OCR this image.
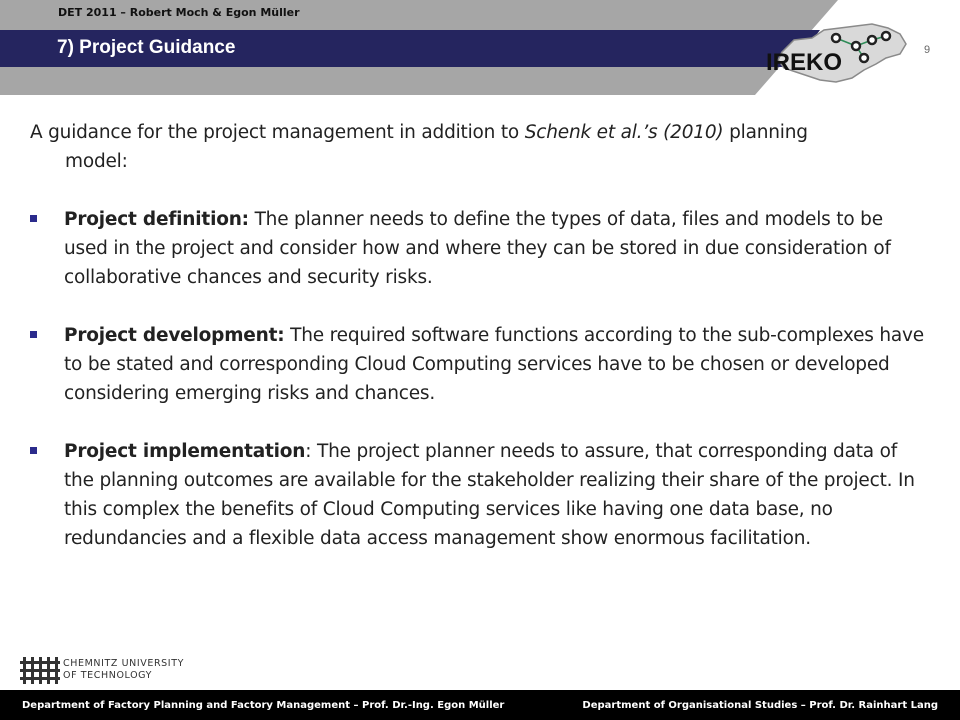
DET 2011 – Robert Moch & Egon Müller
7) Project Guidance	9
IREKO
A guidance for the project management in addition to Schenk et al.’s (2010) planning
model:
Project definition: The planner needs to define the types of data, files and models to be used in the project and consider how and where they can be stored in due consideration of collaborative chances and security risks.
Project development: The required software functions according to the sub-complexes have to be stated and corresponding Cloud Computing services have to be chosen or developed considering emerging risks and chances.
Project implementation: The project planner needs to assure, that corresponding data of the planning outcomes are available for the stakeholder realizing their share of the project. In this complex the benefits of Cloud Computing services like having one data base, no redundancies and a flexible data access management show enormous facilitation.
CHEMNITZ UNIVERSITY
OF TECHNOLOGY
Department of Factory Planning and Factory Management – Prof. Dr.-Ing. Egon Müller	Department of Organisational Studies – Prof. Dr. Rainhart Lang
